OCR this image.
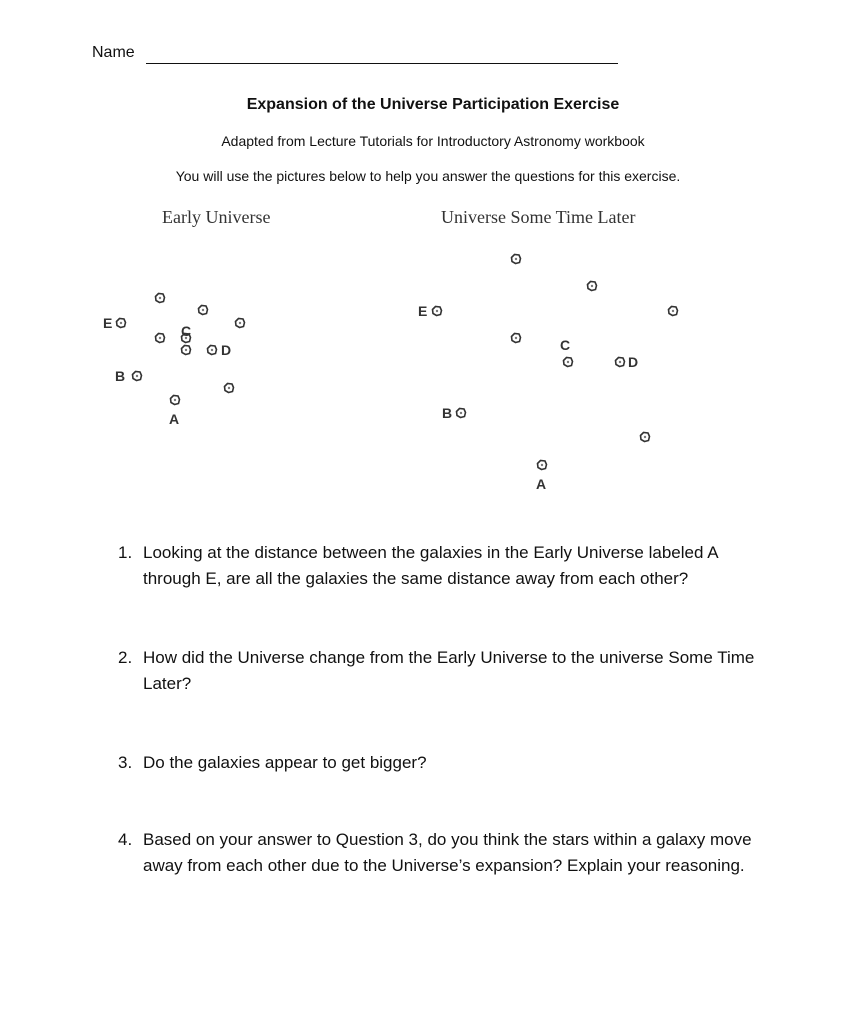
Name
Expansion of the Universe Participation Exercise
Adapted from Lecture Tutorials for Introductory Astronomy workbook
You will use the pictures below to help you answer the questions for this exercise.
Early Universe	Universe Some Time Later
E	C
D
B
A
E
C
D
B
A
1. Looking at the distance between the galaxies in the Early Universe labeled A through E, are all the galaxies the same distance away from each other?
2. How did the Universe change from the Early Universe to the universe Some Time Later?
3. Do the galaxies appear to get bigger?
4. Based on your answer to Question 3, do you think the stars within a galaxy move away from each other due to the Universe’s expansion? Explain your reasoning.
